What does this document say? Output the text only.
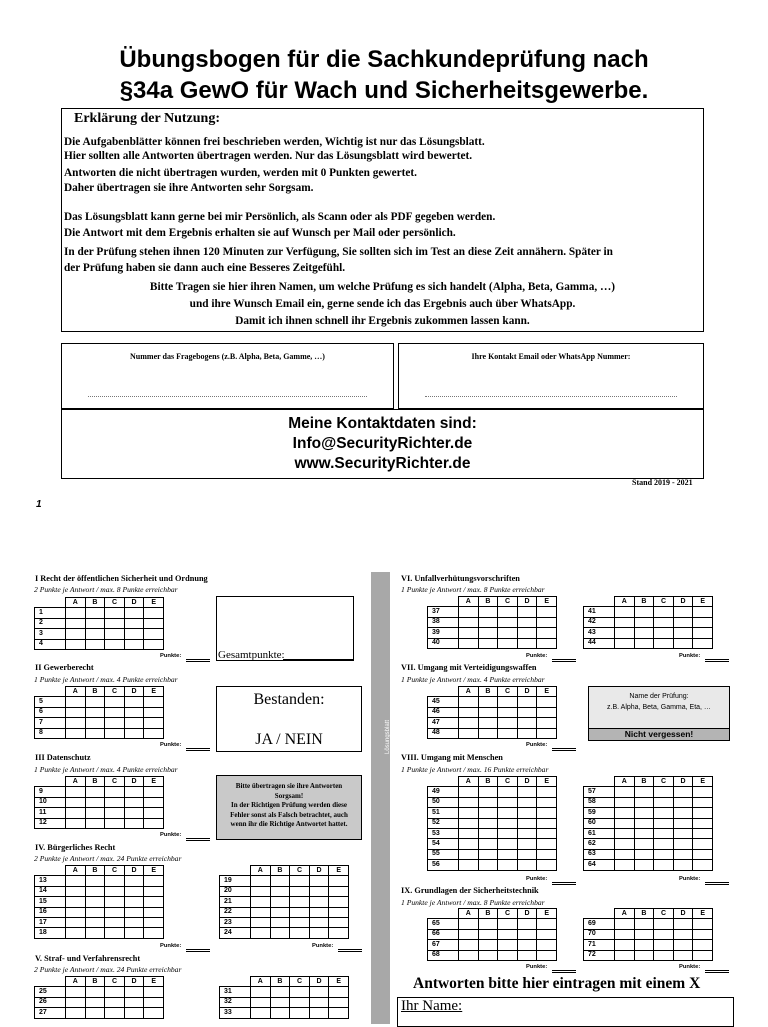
Übungsbogen für die Sachkundeprüfung nach
§34a GewO für Wach und Sicherheitsgewerbe.
Erklärung der Nutzung:
Die Aufgabenblätter können frei beschrieben werden, Wichtig ist nur das Lösungsblatt.
Hier sollten alle Antworten übertragen werden. Nur das Lösungsblatt wird bewertet.
Antworten die nicht übertragen wurden, werden mit 0 Punkten gewertet.
Daher übertragen sie ihre Antworten sehr Sorgsam.
Das Lösungsblatt kann gerne bei mir Persönlich, als Scann oder als PDF gegeben werden.
Die Antwort mit dem Ergebnis erhalten sie auf Wunsch per Mail oder persönlich.
In der Prüfung stehen ihnen 120 Minuten zur Verfügung, Sie sollten sich im Test an diese Zeit annähern. Später in
der Prüfung haben sie dann auch eine Besseres Zeitgefühl.
Bitte Tragen sie hier ihren Namen, um welche Prüfung es sich handelt (Alpha, Beta, Gamma, …)
und ihre Wunsch Email ein, gerne sende ich das Ergebnis auch über WhatsApp.
Damit ich ihnen schnell ihr Ergebnis zukommen lassen kann.
Nummer das Fragebogens (z.B. Alpha, Beta, Gamme, …)	Ihre Kontakt Email oder WhatsApp Nummer:
Meine Kontaktdaten sind:
Info@SecurityRichter.de
www.SecurityRichter.de
Stand 2019 - 2021
1
I Recht der öffentlichen Sicherheit und Ordnung
2 Punkte je Antwort / max. 8 Punkte erreichbar
	A	B	C	D	E
1					
2					
3					
4					
Punkte:
II Gewerberecht
1 Punkte je Antwort / max. 4 Punkte erreichbar
	A	B	C	D	E
5					
6					
7					
8					
Punkte:
III Datenschutz
1 Punkte je Antwort / max. 4 Punkte erreichbar
	A	B	C	D	E
9					
10					
11					
12					
Punkte:
IV. Bürgerliches Recht
2 Punkte je Antwort / max. 24 Punkte erreichbar
	A	B	C	D	E
13					
14					
15					
16					
17					
18					
	A	B	C	D	E
19					
20					
21					
22					
23					
24					
Punkte:	Punkte:
V. Straf- und Verfahrensrecht
2 Punkte je Antwort / max. 24 Punkte erreichbar
	A	B	C	D	E
25					
26					
27					
	A	B	C	D	E
31					
32					
33					
Gesamtpunkte:
Bestanden:
JA / NEIN
Bitte übertragen sie ihre Antworten
Sorgsam!
In der Richtigen Prüfung werden diese
Fehler sonst als Falsch betrachtet, auch
wenn ihr die Richtige Antwortet hattet.
www.SecurityRichter.de
Lösungsblatt
Es können Maximal 2 Antworten Richtig sein!
Sachkunde §34a GewO
VI. Unfallverhütungsvorschriften
1 Punkte je Antwort / max. 8 Punkte erreichbar
	A	B	C	D	E
37					
38					
39					
40					
	A	B	C	D	E
41					
42					
43					
44					
Punkte:	Punkte:
VII. Umgang mit Verteidigungswaffen
1 Punkte je Antwort / max. 4 Punkte erreichbar
	A	B	C	D	E
45					
46					
47					
48					
Punkte:
Name der Prüfung:
z.B. Alpha, Beta, Gamma, Eta, …
Nicht vergessen!
VIII. Umgang mit Menschen
1 Punkte je Antwort / max. 16 Punkte erreichbar
	A	B	C	D	E
49					
50					
51					
52					
53					
54					
55					
56					
	A	B	C	D	E
57					
58					
59					
60					
61					
62					
63					
64					
Punkte:	Punkte:
IX. Grundlagen der Sicherheitstechnik
1 Punkte je Antwort / max. 8 Punkte erreichbar
	A	B	C	D	E
65					
66					
67					
68					
	A	B	C	D	E
69					
70					
71					
72					
Punkte:	Punkte:
Antworten bitte hier eintragen mit einem X
Ihr Name:
